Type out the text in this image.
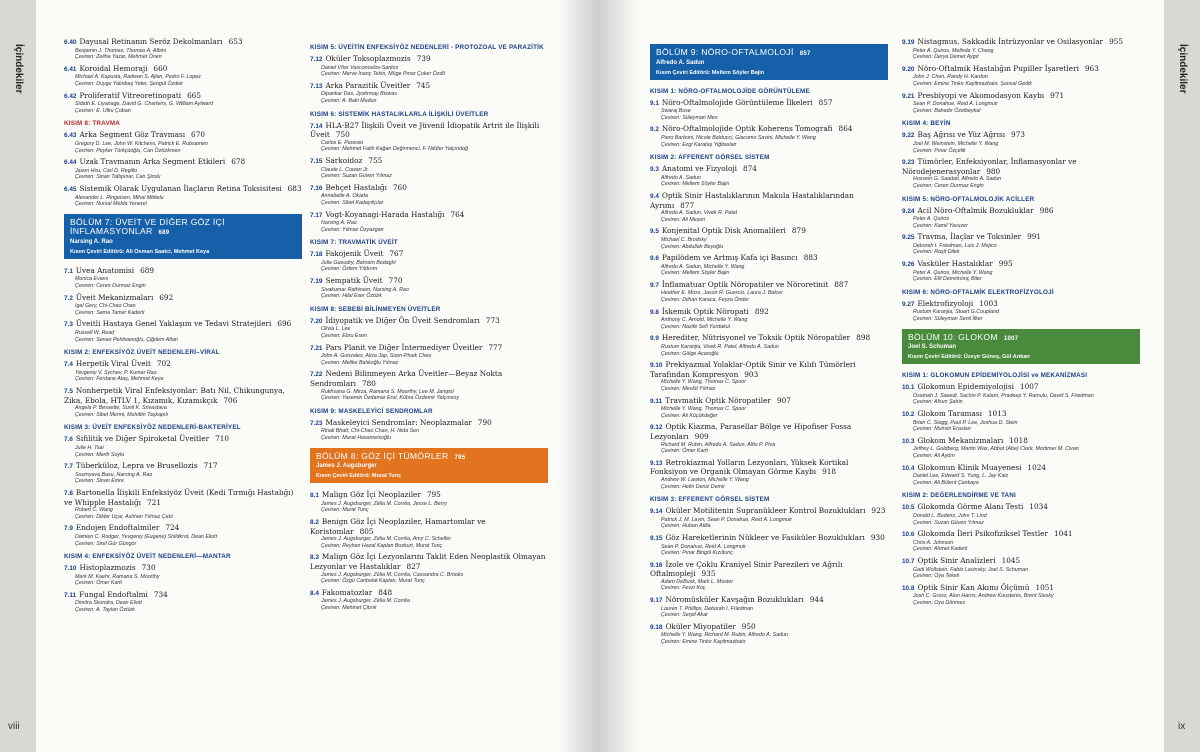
İçindekiler
viii
6.40 Dayusal Retinanın Seröz Dekolmanları 653
Benjamin J. Thomas, Thomas A. Albini
Çeviren: Zeliha Yazar, Mehmet Önen
6.41 Koroidal Hemoraji 660
Michael A. Kapusta, Radwan S. Ajlan, Pedro F. Lopez
Çeviren: Duygu Yalınbaş Yeter, Şengül Özdek
6.42 Proliferatif Vitreoretinopati 665
Sidath E. Liyanage, David G. Charteris, G. William Aylward
Çeviren: E. Utku Çoban
KISIM 8: TRAVMA
6.43 Arka Segment Göz Travması 670
Gregory D. Lee, John W. Kitchens, Patrick E. Rubsamen
Çeviren: Peyker Türkçüoğlu, Can Öztürkmen
6.44 Uzak Travmanın Arka Segment Etkileri 678
Jason Hsu, Carl D. Regillo
Çeviren: Sinan Tatlıpınar, Can Şirolu
6.45 Sistemik Olarak Uygulanan İlaçların Retina Toksisitesi 683
Alexander L. Ringeisen, Mihai Mititelu
Çeviren: Nursal Melda Yenerel
BÖLÜM 7: ÜVEİT VE DİĞER GÖZ İÇİ İNFLAMASYONLAR 689
Narsing A. Rao
Kısım Çeviri Editörü: Ali Osman Saatci, Mehmet Keya
7.1 Uvea Anatomisi 689
Monica Evans
Çeviren: Ceren Durmaz Engin
7.2 Üveit Mekanizmaları 692
Igal Gery, Chi-Chao Chan
Çeviren: Sema Tamer Kaderli
7.3 Üveitli Hastaya Genel Yaklaşım ve Tedavi Stratejileri 696
Russell W. Read
Çeviren: Senan Pehlivanoğlu, Çiğdem Altan
KISIM 2: ENFEKSİYÖZ ÜVEİT NEDENLERİ–VİRAL
7.4 Herpetik Viral Üveit 702
Yevgeniy V. Sychev, P. Kumar Rao
Çeviren: Ferdane Ataş, Mehmet Keya
7.5 Nonherpetik Viral Enfeksiyonlar: Batı Nil, Chikungunya, Zika, Ebola, HTLV 1, Kızamık, Kızamıkçık 706
Angela P. Bessette, Sunil K. Srivastava
Çeviren: Sibel Mermi, Muhittin Taşkapılı
KISIM 3: ÜVEİT ENFEKSİYÖZ NEDENLERİ-BAKTERİYEL
7.6 Sifilitik ve Diğer Spiroketal Üveitler 710
Julie H. Tsai
Çeviren: Merih Soylu
7.7 Tüberküloz, Lepra ve Brusellozis 717
Soumyava Basu, Narsing A. Rao
Çeviren: Sinan Emre
7.8 Bartonella İlişkili Enfeksiyöz Üveit (Kedi Tırmığı Hastalığı) ve Whipple Hastalığı 721
Robert C. Wang
Çeviren: Dilder Uçar, Aslıhan Yılmaz Çebi
7.9 Endojen Endoftalmiler 724
Damien C. Rodger, Yevgeniy (Eugene) Shildkrot, Dean Eliott
Çeviren: Sirel Gür Güngör
KISIM 4: ENFEKSİYÖZ ÜVEİT NEDENLERİ—MANTAR
7.10 Histoplazmozis 730
Mark M. Kaehr, Ramana S. Moorthy
Çeviren: Ömer Karti
7.11 Fungal Endoftalmi 734
Dimitra Skondra, Dean Eliott
Çeviren: A. Taylan Öztürk
KISIM 5: ÜVEİTİN ENFEKSİYÖZ NEDENLERİ - PROTOZOAL VE PARAZİTİK
7.12 Oküler Toksoplazmozis 739
Daniel Vítor Vasconcelos-Santos
Çeviren: Merve İnanç Tekin, Müge Pınar Çoker Özdil
7.13 Arka Parazitik Üveitler 745
Dipankar Das, Jyotirmay Biswas
Çeviren: A. Baki Mudun
KISIM 6: SİSTEMİK HASTALIKLARLA İLİŞKİLİ ÜVEİTLER
7.14 HLA-B27 İlişkili Üveit ve Jüvenil İdiopatik Artrit ile İlişkili Üveit 750
Carlos E. Pavesio
Çeviren: Mehmet Fatih Kağan Değirmenci, F. Nilüfer Yalçındağ
7.15 Sarkoidoz 755
Claude L. Cowan Jr.
Çeviren: Suzan Güven Yılmaz
7.16 Behçet Hastalığı 760
Annabelle A. Okada
Çeviren: Sibel Kadayıfçılar
7.17 Vogt-Koyanagi-Harada Hastalığı 764
Narsing A. Rao
Çeviren: Yılmaz Özyazgan
KISIM 7: TRAVMATİK ÜVEİT
7.18 Fakojenik Üveit 767
Julie Gueudry, Bahram Bodaghi
Çeviren: Özlem Yıldırım
7.19 Sempatik Üveit 770
Sivakumar Rathinam, Narsing A. Rao
Çeviren: Hilal Eser Öztürk
KISIM 8: SEBEBİ BİLİNMEYEN ÜVEİTLER
7.20 İdiyopatik ve Diğer Ön Üveit Sendromları 773
Olivia L. Lee
Çeviren: Ebru Esen
7.21 Pars Planit ve Diğer İntermediyer Üveitler 777
John A. Gonzales, Aliza Jap, Soon-Phaik Chee
Çeviren: Melike Balıkoğlu Yılmaz
7.22 Nedeni Bilinmeyen Arka Üveitler—Beyaz Nokta Sendromları 780
Rukhsana G. Mirza, Ramana S. Moorthy, Lee M. Jampol
Çeviren: Yasemin Özdamar Erol, Kübra Özdemir Yalçınsoy
KISIM 9: MASKELEYİCİ SENDROMLAR
7.23 Maskeleyici Sendromlar: Neoplazmalar 790
Rinali Bhatt, Chi-Chao Chan, H. Nida Sen
Çeviren: Murat Hasanreisoğlu
BÖLÜM 8: GÖZ İÇİ TÜMÖRLER 795
James J. Augsburger
Kısım Çeviri Editörü: Murat Tunç
8.1 Malign Göz İçi Neoplaziler 795
James J. Augsburger, Zélia M. Corrêa, Jesse L. Berry
Çeviren: Murat Tunç
8.2 Benign Göz İçi Neoplaziler, Hamartomlar ve Koristomlar 805
James J. Augsburger, Zélia M. Corrêa, Amy C. Schefler
Çeviren: Reyhan Hazal Kaplan Bozkurt, Murat Tunç
8.3 Malign Göz İçi Lezyonlarını Taklit Eden Neoplastik Olmayan Lezyonlar ve Hastalıklar 827
James J. Augsburger, Zélia M. Corrêa, Cassandra C. Brooks
Çeviren: Özgü Canbolat Kaplan, Murat Tunç
8.4 Fakomatozlar 848
James J. Augsburger, Zélia M. Corrêa
Çeviren: Mehmet Çitırık
BÖLÜM 9: NÖRO-OFTALMOLOJİ 857
Alfredo A. Sadun
Kısım Çeviri Editörü: Meltem Söyler Bajin
KISIM 1: NÖRO-OFTALMOLOJİDE GÖRÜNTÜLEME
9.1 Nöro-Oftalmolojide Görüntüleme İlkeleri 857
Swaraj Bose
Çeviren: Süleyman Men
9.2 Nöro-Oftalmolojide Optik Koherens Tomografi 864
Piero Barboni, Nicole Balducci, Giacomo Savini, Michelle Y. Wang
Çeviren: Ezgi Karataş Yiğitaslan
KISIM 2: AFFERENT GÖRSEL SİSTEM
9.3 Anatomi ve Fizyoloji 874
Alfredo A. Sadun
Çeviren: Meltem Söyler Bajin
9.4 Optik Sinir Hastalıklarının Makula Hastalıklarından Ayrımı 877
Alfredo A. Sadun, Vivek R. Patel
Çeviren: Ali Meşen
9.5 Konjenital Optik Disk Anomalileri 879
Michael C. Brodsky
Çeviren: Abdullah Beyoğlu
9.6 Papilödem ve Artmış Kafa içi Basıncı 883
Alfredo A. Sadun, Michelle Y. Wang
Çeviren: Meltem Söyler Bajin
9.7 İnflamatuar Optik Nöropatiler ve Nöroretinit 887
Heather E. Moss, Jason R. Guercio, Laura J. Balcer
Çeviren: Dilhan Karaca, Feyza Önder
9.8 İskemik Optik Nöropati 892
Anthony C. Arnold, Michelle Y. Wang
Çeviren: Nazife Sefi Yurdakul
9.9 Herediter, Nütrisyonel ve Toksik Optik Nöropatiler 898
Rustum Karanjia, Vivek R. Patel, Alfredo A. Sadun
Çeviren: Gölge Acaroğlu
9.10 Prekiyazmal Yolaklar-Optik Sinir ve Kılıfı Tümörleri Tarafından Kompresyon 903
Michelle Y. Wang, Thomas C. Spoor
Çeviren: Mevlüt Yılmaz
9.11 Travmatik Optik Nöropatiler 907
Michelle Y. Wang, Thomas C. Spoor
Çeviren: Ali Küçükdeğer
9.12 Optik Kiazma, Parasellar Bölge ve Hipofiser Fossa Lezyonları 909
Richard M. Rubin, Alfredo A. Sadun, Alfio P. Piva
Çeviren: Ömer Karti
9.13 Retrokiazmal Yolların Lezyonları, Yüksek Kortikal Fonksiyon ve Organik Olmayan Görme Kaybı 918
Andrew W. Lawton, Michelle Y. Wang
Çeviren: Helin Deniz Demir
KISIM 3: EFFERENT GÖRSEL SİSTEM
9.14 Oküler Motilitenin Supranükleer Kontrol Bozuklukları 923
Patrick J. M. Lavin, Sean P. Donahue, Reid A. Longmuir
Çeviren: Huban Atilla
9.15 Göz Hareketlerinin Nükleer ve Fasiküler Bozuklukları 930
Sean P. Donahue, Reid A. Longmuir
Çeviren: Pınar Bingöl Kızıltunç
9.16 İzole ve Çoklu Kraniyel Sinir Parezileri ve Ağrılı Oftalmopleji 935
Adam DeBusk, Mark L. Moster
Çeviren: Fevzi Koç
9.17 Nöromüsküler Kavşağın Bozuklukları 944
Lauren T. Phillips, Deborah I. Friedman
Çeviren: Serpil Akar
9.18 Oküler Miyopatiler 950
Michelle Y. Wang, Richard M. Rubin, Alfredo A. Sadun
Çeviren: Emine Tinkır Kayitmazbatır
9.19 Nistagmus, Sakkadik İntrüzyonlar ve Osilasyonlar 955
Peter A. Quiros, Melinda Y. Chang
Çeviren: Derya Demet Aygıt
9.20 Nöro-Oftalmik Hastalığın Pupiller İşaretleri 963
John J. Chen, Randy H. Kardon
Çeviren: Emine Tinkır Kayitmazbatır, Şansal Gedik
9.21 Presbiyopi ve Akomodasyon Kaybı 971
Sean P. Donahue, Reid A. Longmuir
Çeviren: Bahadır Özelbeykal
KISIM 4: BEYİN
9.22 Baş Ağrısı ve Yüz Ağrısı 973
Joel M. Weinstein, Michelle Y. Wang
Çeviren: Pınar Özçelik
9.23 Tümörler, Enfeksiyonlar, İnflamasyonlar ve Nörodejenerasyonlar 980
Hossein G. Saadati, Alfredo A. Sadun
Çeviren: Ceren Durmaz Engin
KISIM 5: NÖRO-OFTALMOLOJİK ACİLLER
9.24 Acil Nöro-Oftalmik Bozukluklar 986
Peter A. Quiros
Çeviren: Kamil Yavuzer
9.25 Travma, İlaçlar ve Toksinler 991
Deborah I. Friedman, Luis J. Mejico
Çeviren: Raşit Dilek
9.26 Vasküler Hastalıklar 995
Peter A. Quiros, Michelle Y. Wang
Çeviren: Elif Demirkılınç Biler
KISIM 6: NÖRO-OFTALMİK ELEKTROFİZYOLOJİ
9.27 Elektrofizyoloji 1003
Rustum Karanjia, Stuart G.Coupland
Çeviren: Süleyman Senil İlker
BÖLÜM 10: GLOKOM 1007
Joel S. Schuman
Kısım Çeviri Editörü: Üzeyir Güneş, Gül Arıkan
KISIM 1: GLOKOMUN EPİDEMİYOLOJİSİ ve MEKANİZMASI
10.1 Glokomun Epidemiyolojisi 1007
Osamah J. Saeedi, Sachin P. Kalarn, Pradeep Y. Ramulu, David S. Friedman
Çeviren: Afsun Şahin
10.2 Glokom Taraması 1013
Brian C. Stagg, Paul P. Lee, Joshua D. Stein
Çeviren: Muhsin Eraslan
10.3 Glokom Mekanizmaları 1018
Jeffrey L. Goldberg, Martin Wax, Abbot (Abe) Clark, Mortimer M. Civan
Çeviren: Ali Aydın
10.4 Glokomun Klinik Muayenesi 1024
Daniel Lee, Edward S. Yung, L. Jay Katz
Çeviren: Ali Bülent Çankaya
KISIM 2: DEĞERLENDİRME VE TANI
10.5 Glokomda Görme Alanı Testi 1034
Donald L. Budenz, John T. Lind
Çeviren: Suzan Güven Yılmaz
10.6 Glokomda İleri Psikofiziksel Testler 1041
Chris A. Johnson
Çeviren: Ahmet Kaderli
10.7 Optik Sinir Analizleri 1045
Gadi Wollstein, Fabio Lavinsky, Joel S. Schuman
Çeviren: Oya Tekeli
10.8 Optik Sinir Kan Akımı Ölçümü 1051
Josh C. Gross, Alon Harris, Andrew Koustenis, Brent Siesky
Çeviren: Oya Dönmez
İçindekiler
ix
